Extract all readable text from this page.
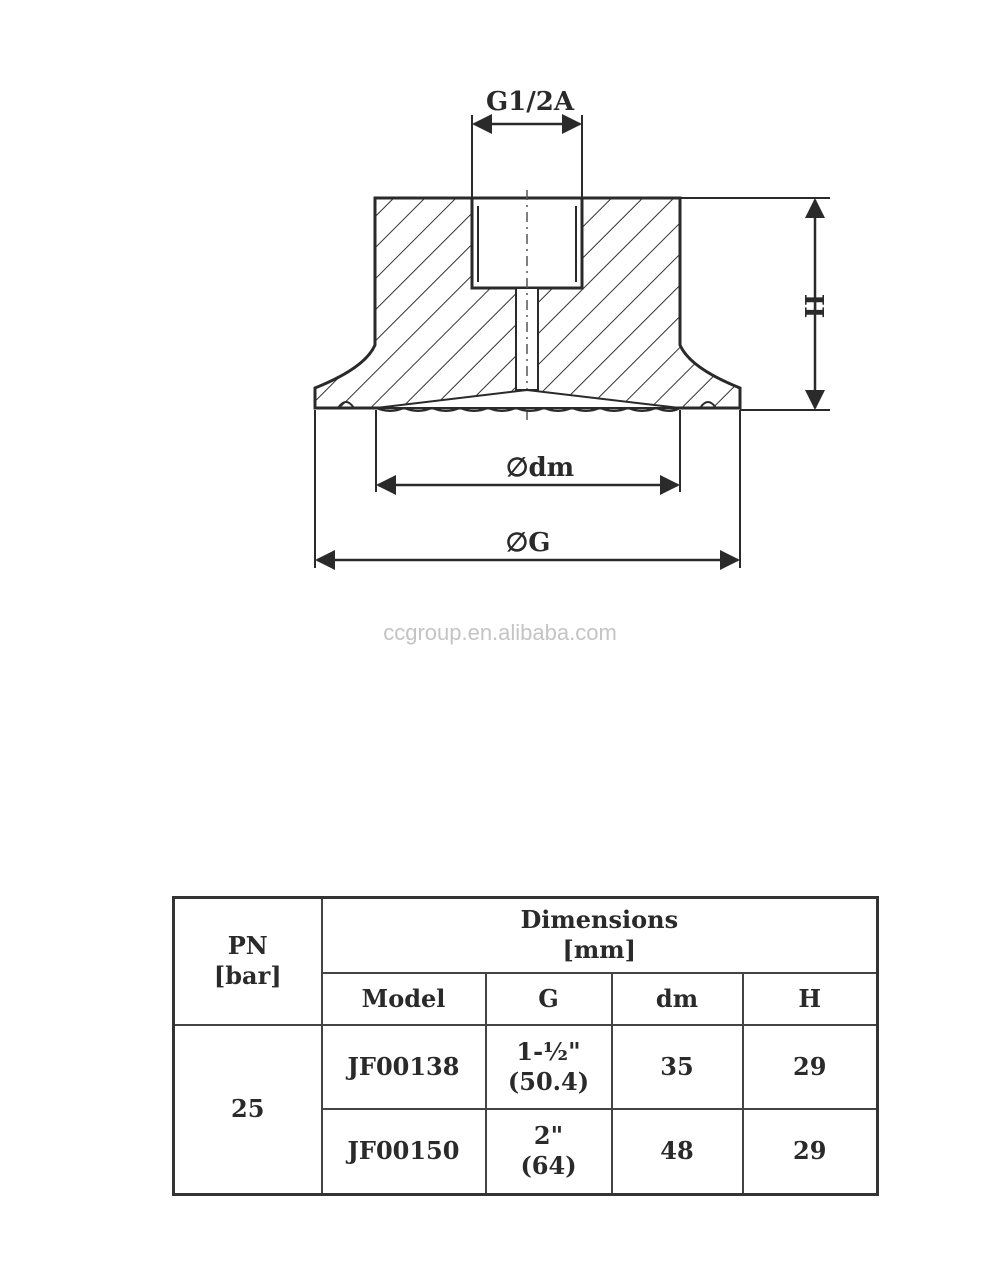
G1/2A
H
∅dm
∅G
ccgroup.en.alibaba.com
PN
[bar]	Dimensions
[mm]			

	Model	G	dm	H
25	JF00138	1-½"
(50.4)	35	29
	JF00150	2"
(64)	48	29
